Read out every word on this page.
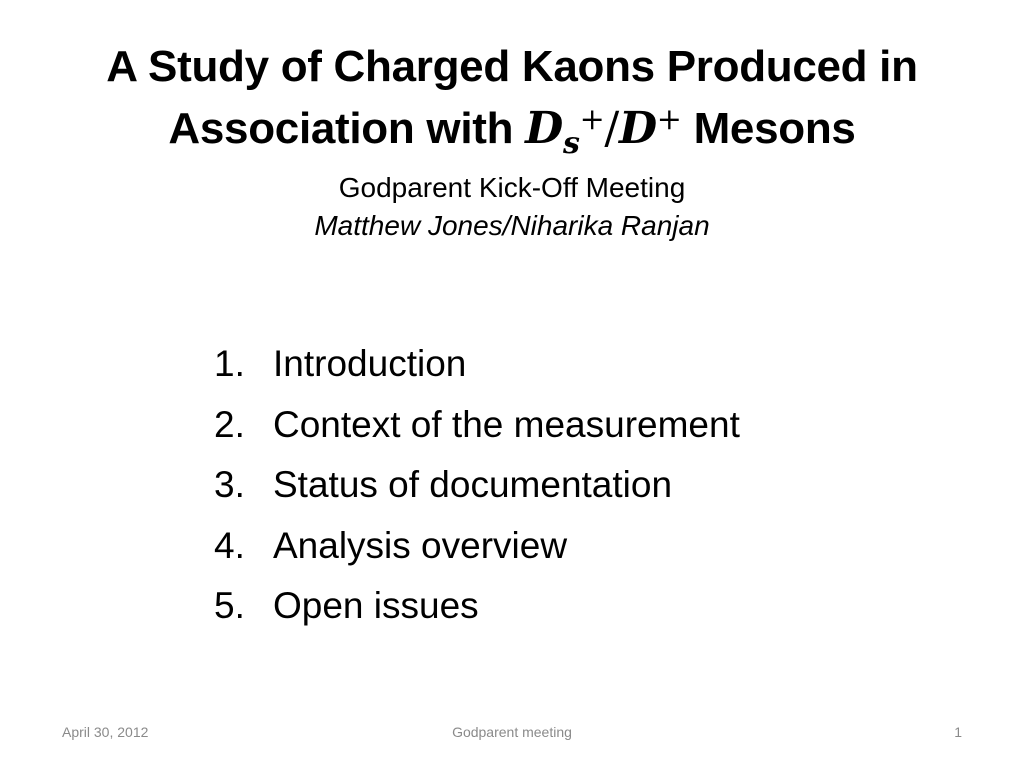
A Study of Charged Kaons Produced in
Association with $D_s^+/D^+$ Mesons

Godparent Kick-Off Meeting

Matthew Jones/Niharika Ranjan

1. Introduction
2. Context of the measurement
3. Status of documentation
4. Analysis overview
5. Open issues
April 30, 2012	Godparent meeting	1
